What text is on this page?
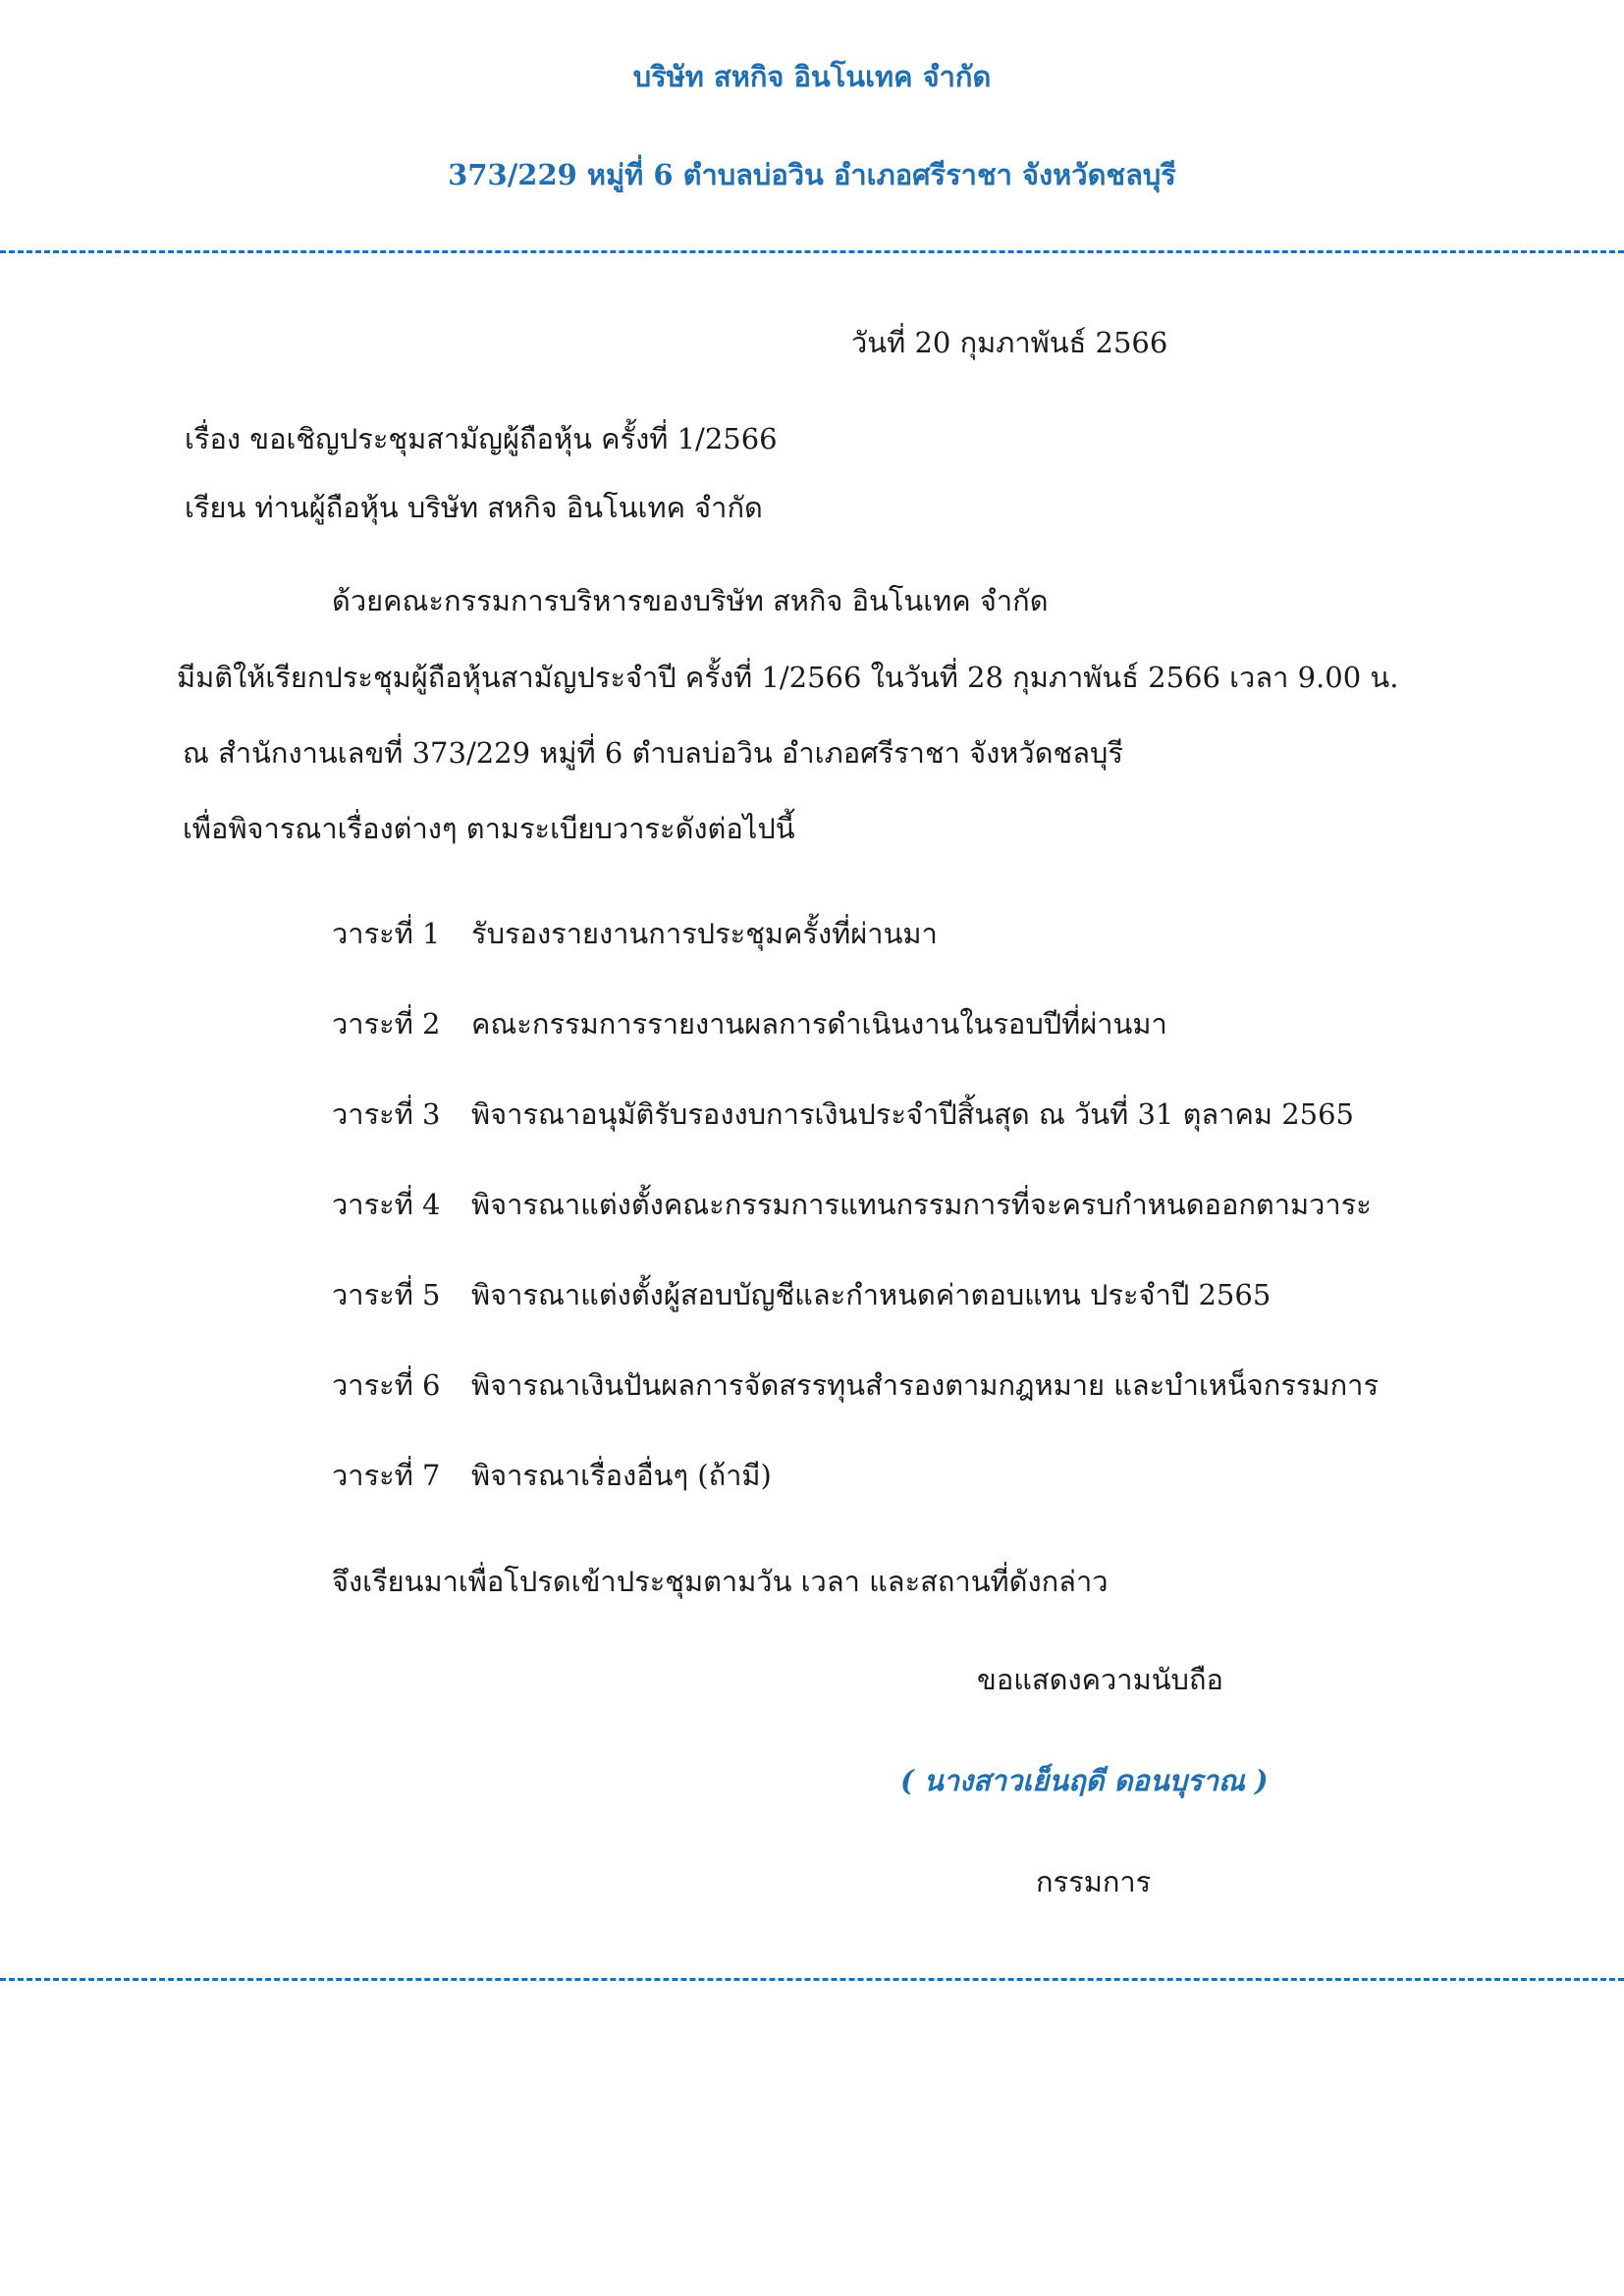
บริษัท สหกิจ อินโนเทค จำกัด
373/229 หมู่ที่ 6 ตำบลบ่อวิน อำเภอศรีราชา จังหวัดชลบุรี
วันที่ 20 กุมภาพันธ์ 2566
เรื่อง ขอเชิญประชุมสามัญผู้ถือหุ้น ครั้งที่ 1/2566
เรียน ท่านผู้ถือหุ้น บริษัท สหกิจ อินโนเทค จำกัด
ด้วยคณะกรรมการบริหารของบริษัท สหกิจ อินโนเทค จำกัด
มีมติให้เรียกประชุมผู้ถือหุ้นสามัญประจำปี ครั้งที่ 1/2566 ในวันที่ 28 กุมภาพันธ์ 2566 เวลา 9.00 น.
ณ สำนักงานเลขที่ 373/229 หมู่ที่ 6 ตำบลบ่อวิน อำเภอศรีราชา จังหวัดชลบุรี
เพื่อพิจารณาเรื่องต่างๆ ตามระเบียบวาระดังต่อไปนี้
วาระที่ 1 รับรองรายงานการประชุมครั้งที่ผ่านมา
วาระที่ 2 คณะกรรมการรายงานผลการดำเนินงานในรอบปีที่ผ่านมา
วาระที่ 3 พิจารณาอนุมัติรับรองงบการเงินประจำปีสิ้นสุด ณ วันที่ 31 ตุลาคม 2565
วาระที่ 4 พิจารณาแต่งตั้งคณะกรรมการแทนกรรมการที่จะครบกำหนดออกตามวาระ
วาระที่ 5 พิจารณาแต่งตั้งผู้สอบบัญชีและกำหนดค่าตอบแทน ประจำปี 2565
วาระที่ 6 พิจารณาเงินปันผลการจัดสรรทุนสำรองตามกฎหมาย และบำเหน็จกรรมการ
วาระที่ 7 พิจารณาเรื่องอื่นๆ (ถ้ามี)
จึงเรียนมาเพื่อโปรดเข้าประชุมตามวัน เวลา และสถานที่ดังกล่าว
ขอแสดงความนับถือ
( นางสาวเย็นฤดี ดอนบุราณ )
กรรมการ
